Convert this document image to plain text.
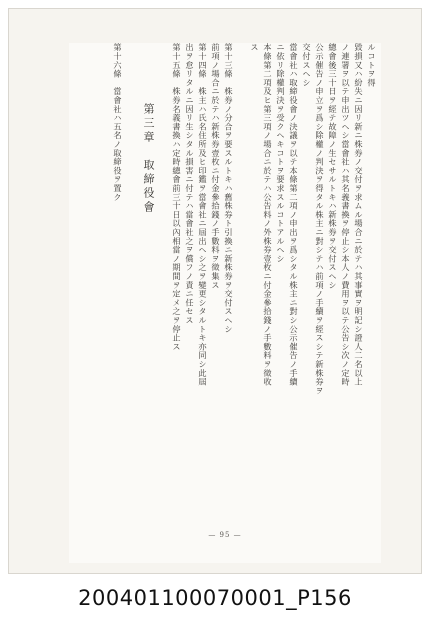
ルコトヲ得
毀損又ハ紛失ニ因リ新ニ株券ノ交付ヲ求ムル場合ニ於テハ其事實ヲ明記シ證人二名以上
ノ連署ヲ以テ申出ツヘシ當會社ハ其名義書換ヲ停止シ本人ノ費用ヲ以テ公告シ次ノ定時
總會後三十日ヲ經テ故障ノ生セサルトキハ新株券ヲ交付スヘシ
公示催告ノ申立ヲ爲シ除權ノ判決ヲ得タル株主ニ對シテハ前項ノ手續ヲ經スシテ新株券ヲ
交付スヘシ
當會社ハ取締役會ノ決議ヲ以テ本條第二項ノ申出ヲ爲シタル株主ニ對シ公示催告ノ手續
ニ依リ除權判決ヲ受クヘキコトヲ要求スルコトアルヘシ
本條第二項及ヒ第三項ノ場合ニ於テハ公告料ノ外株券壹枚ニ付金參拾錢ノ手數料ヲ徵收
ス
第十三條　株券ノ分合ヲ要スルトキハ舊株券ト引換ニ新株券ヲ交付スヘシ
前項ノ場合ニ於テハ新株券壹枚ニ付金參拾錢ノ手數料ヲ徵集ス
第十四條　株主ハ氏名住所及ヒ印鑑ヲ當會社ニ屆出ヘシ之ヲ變更シタルトキ亦同シ此屆
出ヲ怠リタルニ因リ生シタル損害ニ付テハ當會社之ヲ償フノ責ニ任セス
第十五條　株券名義書換ハ定時總會前三十日以內相當ノ期間ヲ定メ之ヲ停止ス
第三章　取締役會
第十六條　當會社ハ五名ノ取締役ヲ置ク
— 95 —
200401100070001_P156
